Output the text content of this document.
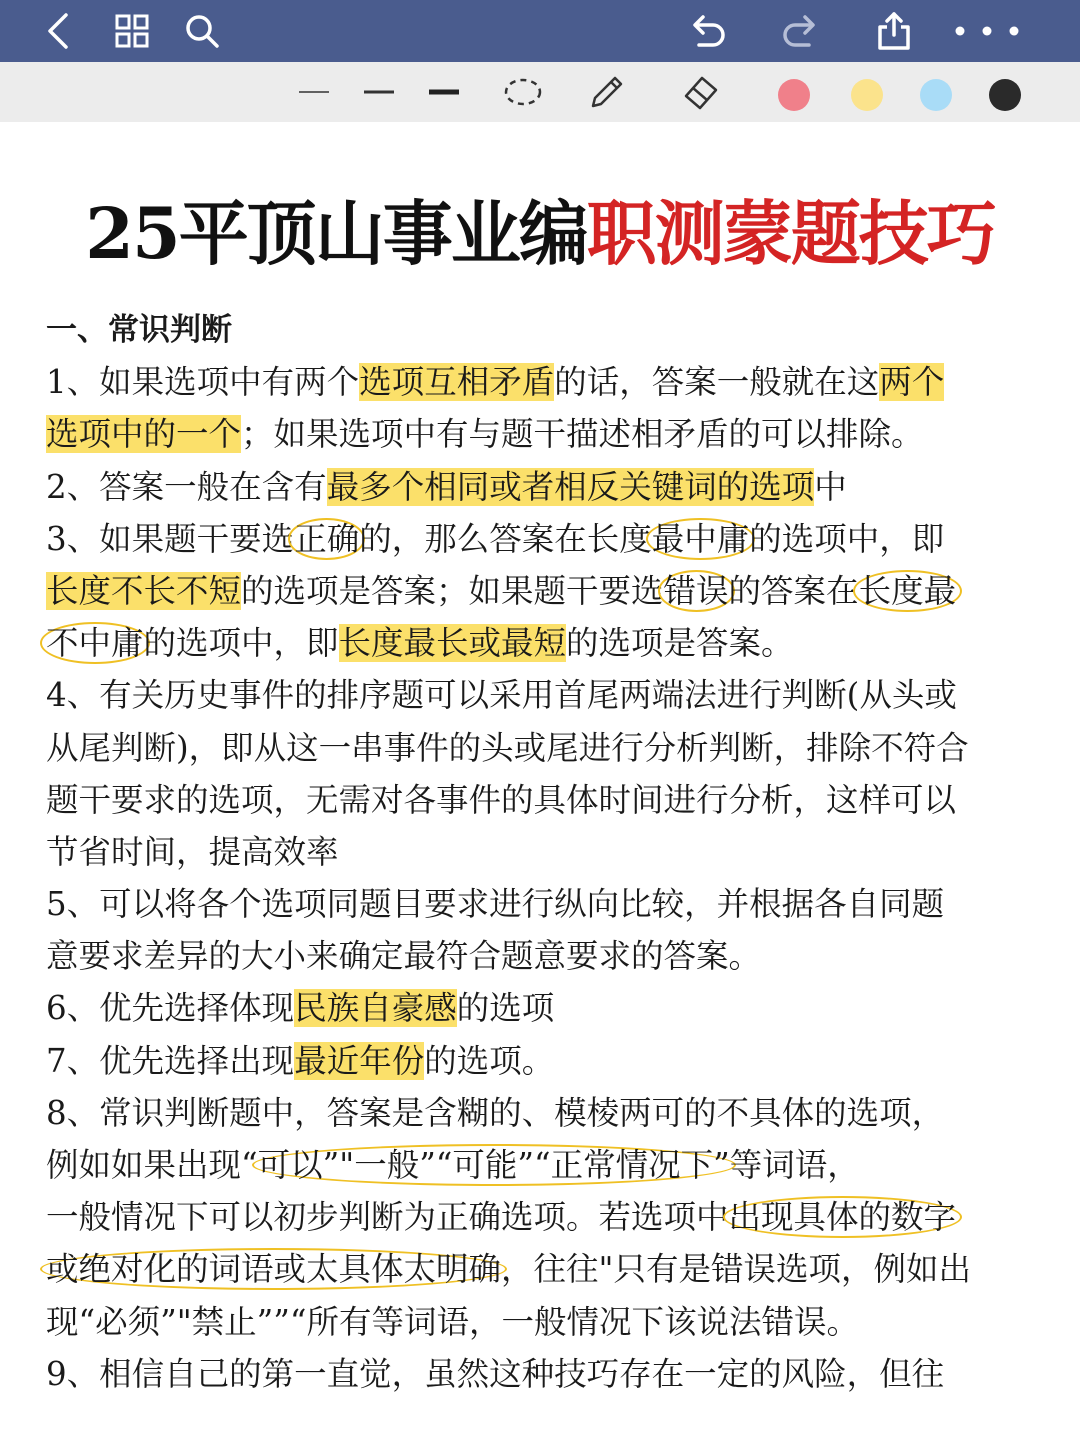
25平顶山事业编职测蒙题技巧
一、常识判断
1、如果选项中有两个选项互相矛盾的话，答案一般就在这两个
选项中的一个；如果选项中有与题干描述相矛盾的可以排除。
2、答案一般在含有最多个相同或者相反关键词的选项中
3、如果题干要选正确的，那么答案在长度最中庸的选项中，即
长度不长不短的选项是答案；如果题干要选错误的答案在长度最
不中庸的选项中，即长度最长或最短的选项是答案。
4、有关历史事件的排序题可以采用首尾两端法进行判断(从头或
从尾判断)，即从这一串事件的头或尾进行分析判断，排除不符合
题干要求的选项，无需对各事件的具体时间进行分析，这样可以
节省时间，提高效率
5、可以将各个选项同题目要求进行纵向比较，并根据各自同题
意要求差异的大小来确定最符合题意要求的答案。
6、优先选择体现民族自豪感的选项
7、优先选择出现最近年份的选项。
8、常识判断题中，答案是含糊的、模棱两可的不具体的选项，
例如如果出现“可以”"一般”“可能”“正常情况下”等词语，
一般情况下可以初步判断为正确选项。若选项中出现具体的数字
或绝对化的词语或太具体太明确，往往"只有是错误选项，例如出
现“必须”"禁止””“所有等词语，一般情况下该说法错误。
9、相信自己的第一直觉，虽然这种技巧存在一定的风险，但往
